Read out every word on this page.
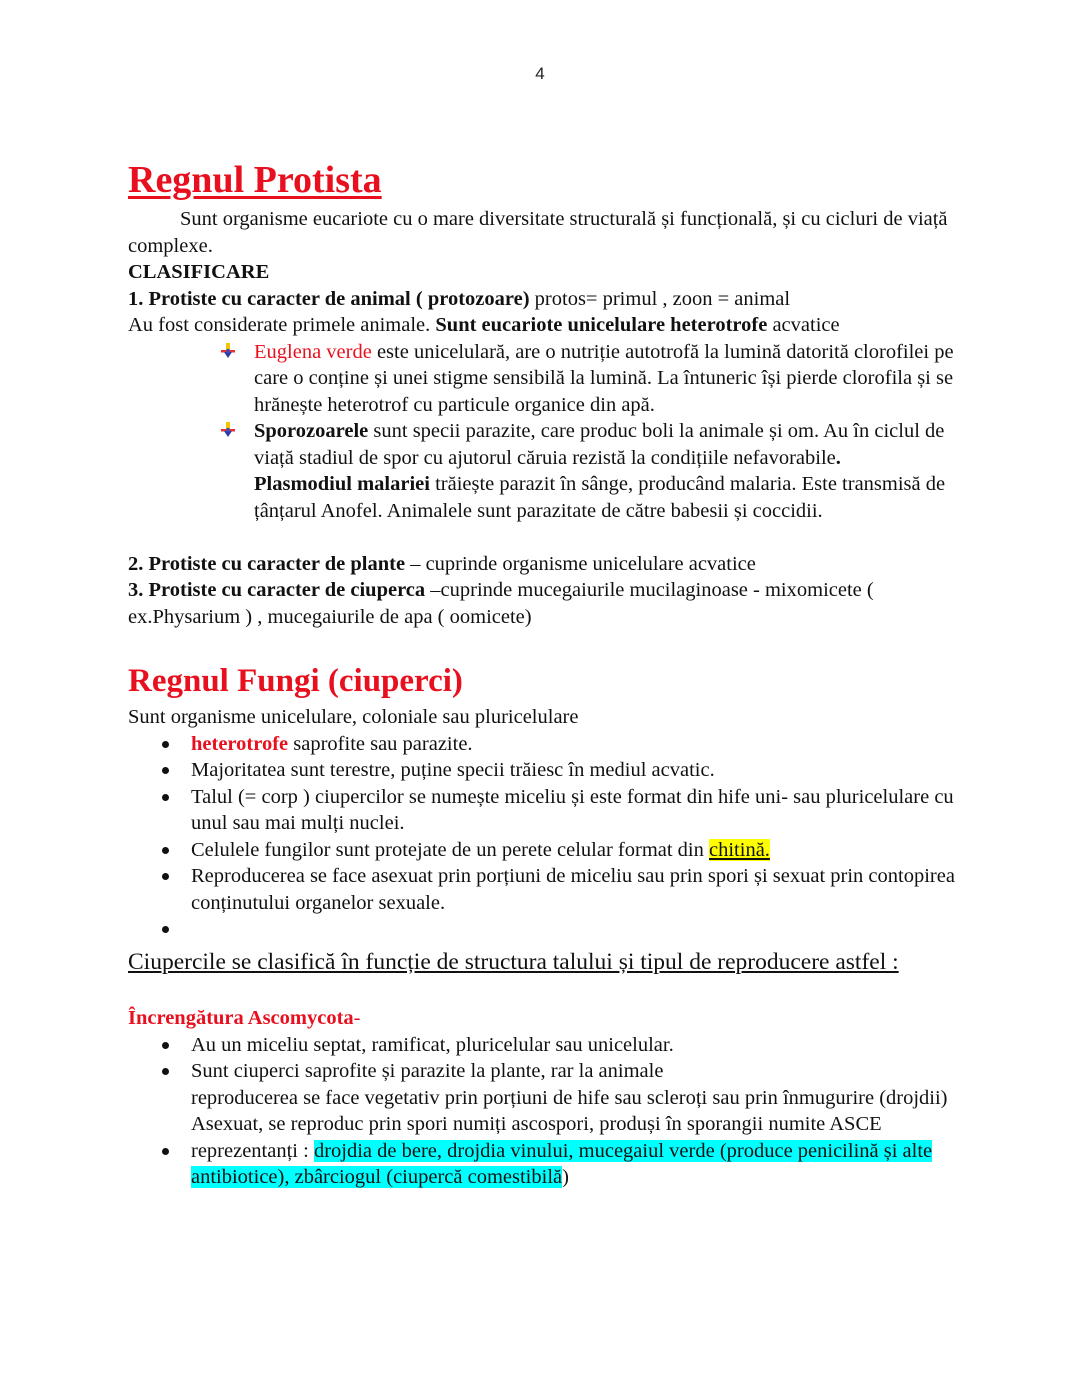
4
Regnul Protista
Sunt organisme eucariote cu o mare diversitate structurală și funcțională, și cu cicluri de viață complexe.
CLASIFICARE
1. Protiste cu caracter de animal ( protozoare) protos= primul , zoon = animal
Au fost considerate primele animale. Sunt eucariote unicelulare heterotrofe acvatice
Euglena verde este unicelulară, are o nutriție autotrofă la lumină datorită clorofilei pe care o conține și unei stigme sensibilă la lumină. La întuneric își pierde clorofila și se hrănește heterotrof cu particule organice din apă.
Sporozoarele sunt specii parazite, care produc boli la animale și om. Au în ciclul de viață stadiul de spor cu ajutorul căruia rezistă la condițiile nefavorabile.
Plasmodiul malariei trăiește parazit în sânge, producând malaria. Este transmisă de țânțarul Anofel. Animalele sunt parazitate de către babesii și coccidii.
2. Protiste cu caracter de plante – cuprinde organisme unicelulare acvatice
3. Protiste cu caracter de ciuperca –cuprinde mucegaiurile mucilaginoase - mixomicete ( ex.Physarium ) , mucegaiurile de apa ( oomicete)
Regnul Fungi (ciuperci)
Sunt organisme unicelulare, coloniale sau pluricelulare
heterotrofe saprofite sau parazite.
Majoritatea sunt terestre, puține specii trăiesc în mediul acvatic.
Talul (= corp ) ciupercilor se numește miceliu și este format din hife uni- sau pluricelulare cu unul sau mai mulți nuclei.
Celulele fungilor sunt protejate de un perete celular format din chitină.
Reproducerea se face asexuat prin porțiuni de miceliu sau prin spori și sexuat prin contopirea conținutului organelor sexuale.
Ciupercile se clasifică în funcție de structura talului și tipul de reproducere astfel :
Încrengătura Ascomycota-
Au un miceliu septat, ramificat, pluricelular sau unicelular.
Sunt ciuperci saprofite și parazite la plante, rar la animale
reproducerea se face vegetativ prin porțiuni de hife sau scleroți sau prin înmugurire (drojdii) Asexuat, se reproduc prin spori numiți ascospori, produși în sporangii numite ASCE
reprezentanți : drojdia de bere, drojdia vinului, mucegaiul verde (produce penicilină și alte antibiotice), zbârciogul (ciupercă comestibilă)
